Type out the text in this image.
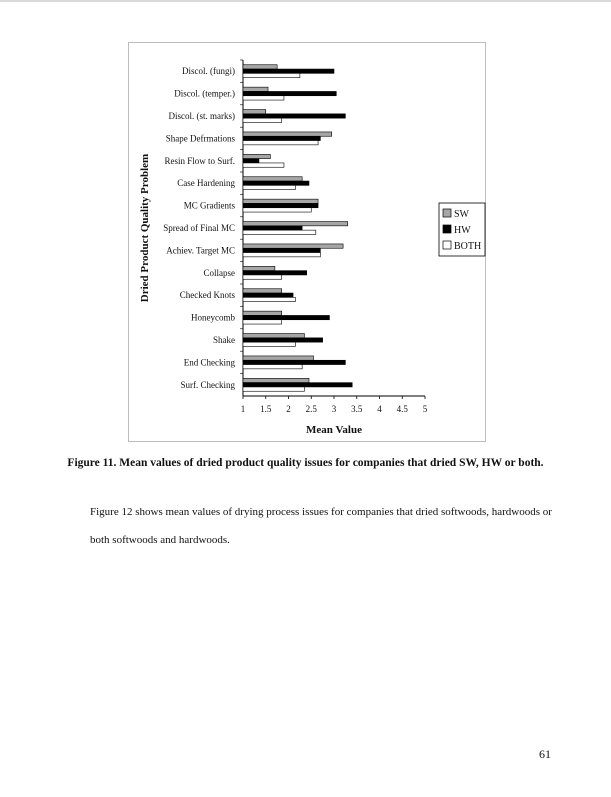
1 1.5 2 2.5 3 3.5 4 4.5 5
Discol. (fungi)
Discol. (temper.)
Discol. (st. marks)
Shape Defrmations
Resin Flow to Surf.
Case Hardening
MC Gradients
Spread of Final MC
Achiev. Target MC
Collapse
Checked Knots
Honeycomb
Shake
End Checking
Surf. Checking
Mean Value
Dried Product Quality Problem	SW
HW
BOTH
Figure 11. Mean values of dried product quality issues for companies that dried SW, HW or both.
Figure 12 shows mean values of drying process issues for companies that dried softwoods, hardwoods or both softwoods and hardwoods.
61
